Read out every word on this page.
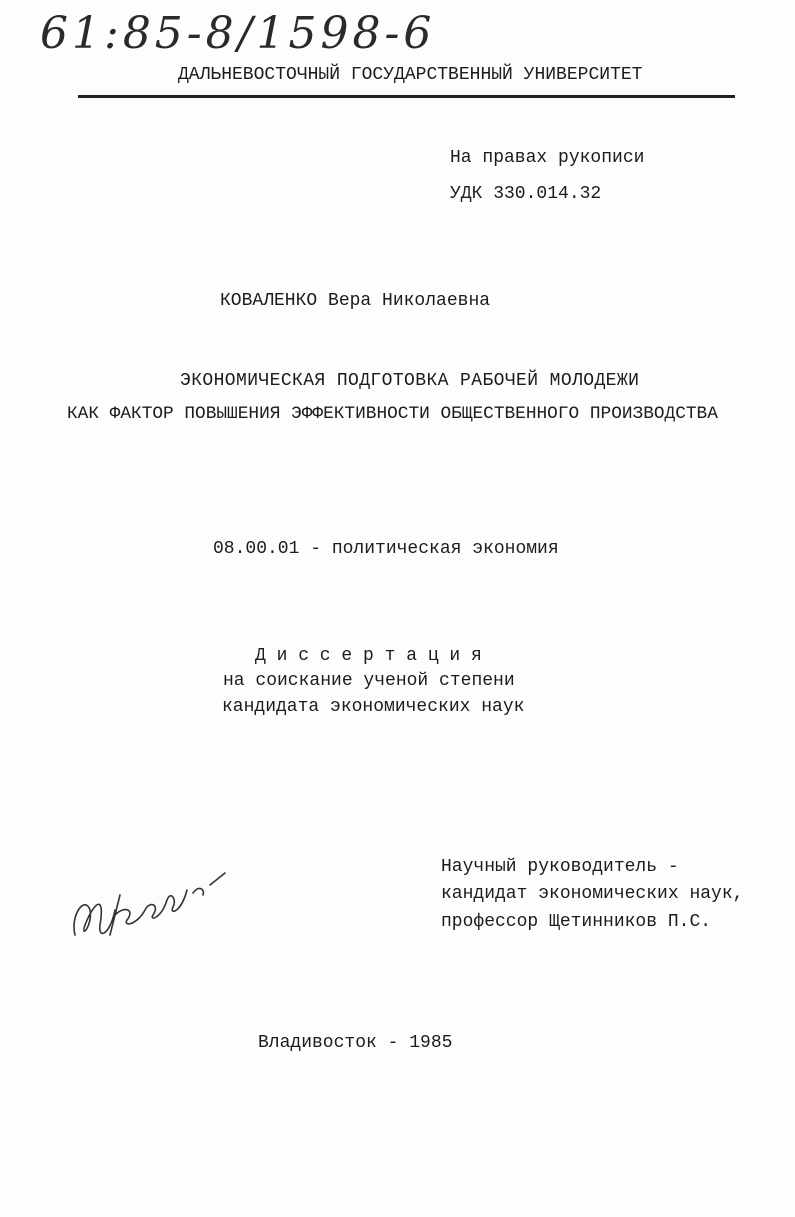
61:85-8/1598-6
ДАЛЬНЕВОСТОЧНЫЙ ГОСУДАРСТВЕННЫЙ УНИВЕРСИТЕТ
На правах рукописи
УДК 330.014.32
КОВАЛЕНКО Вера Николаевна
ЭКОНОМИЧЕСКАЯ ПОДГОТОВКА РАБОЧЕЙ МОЛОДЕЖИ
КАК ФАКТОР ПОВЫШЕНИЯ ЭФФЕКТИВНОСТИ ОБЩЕСТВЕННОГО ПРОИЗВОДСТВА
08.00.01 - политическая экономия
Д и с с е р т а ц и я
на соискание ученой степени
кандидата экономических наук
Научный руководитель -
кандидат экономических наук,
профессор Щетинников П.С.
Владивосток - 1985
